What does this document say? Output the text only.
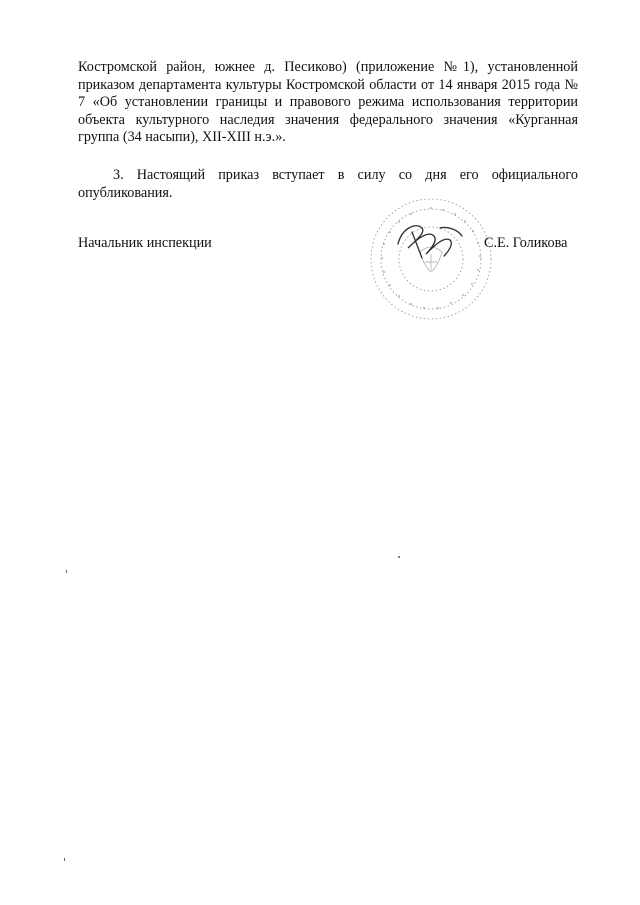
Костромской район, южнее д. Песиково) (приложение №1), установленной приказом департамента культуры Костромской области от 14 января 2015 года № 7 «Об установлении границы и правового режима использования территории объекта культурного наследия значения федерального значения «Курганная группа (34 насыпи), XII-XIII н.э.».

3. Настоящий приказ вступает в силу со дня его официального опубликования.

Начальник инспекции	С.Е. Голикова
